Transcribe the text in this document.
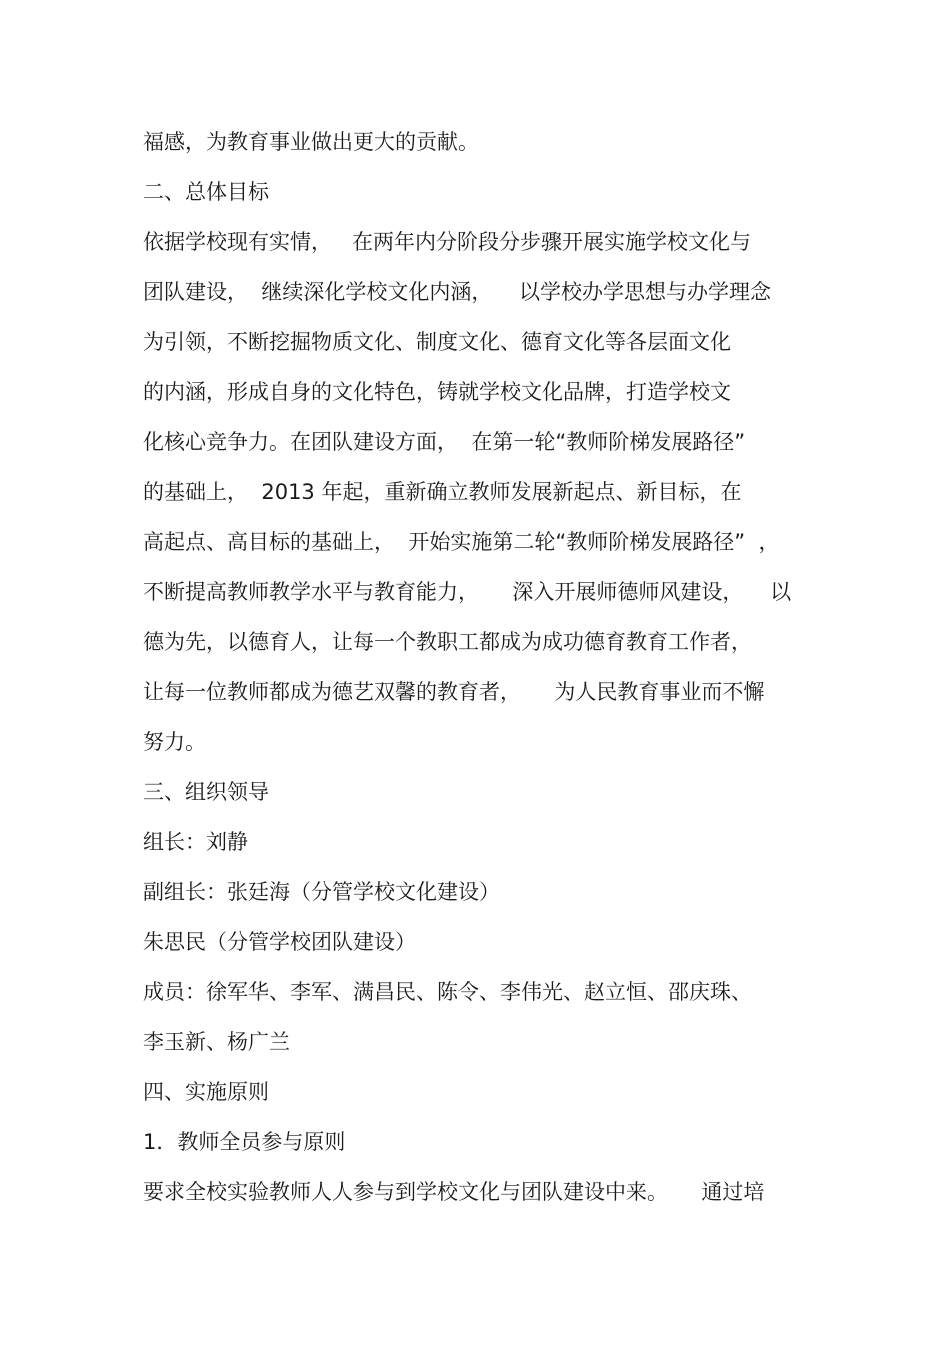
福感，为教育事业做出更大的贡献。

二、总体目标

依据学校现有实情，   在两年内分阶段分步骤开展实施学校文化与

团队建设，  继续深化学校文化内涵，    以学校办学思想与办学理念

为引领，不断挖掘物质文化、制度文化、德育文化等各层面文化

的内涵，形成自身的文化特色，铸就学校文化品牌，打造学校文

化核心竞争力。在团队建设方面，  在第一轮“教师阶梯发展路径”

的基础上，  2013 年起，重新确立教师发展新起点、新目标，在

高起点、高目标的基础上，  开始实施第二轮“教师阶梯发展路径”  ，

不断提高教师教学水平与教育能力，     深入开展师德师风建设，    以

德为先，以德育人，让每一个教职工都成为成功德育教育工作者，

让每一位教师都成为德艺双馨的教育者，     为人民教育事业而不懈

努力。

三、组织领导

组长：刘静

副组长：张廷海（分管学校文化建设）

朱思民（分管学校团队建设）

成员：徐军华、李军、满昌民、陈令、李伟光、赵立恒、邵庆珠、

李玉新、杨广兰

四、实施原则

1．教师全员参与原则

要求全校实验教师人人参与到学校文化与团队建设中来。     通过培
